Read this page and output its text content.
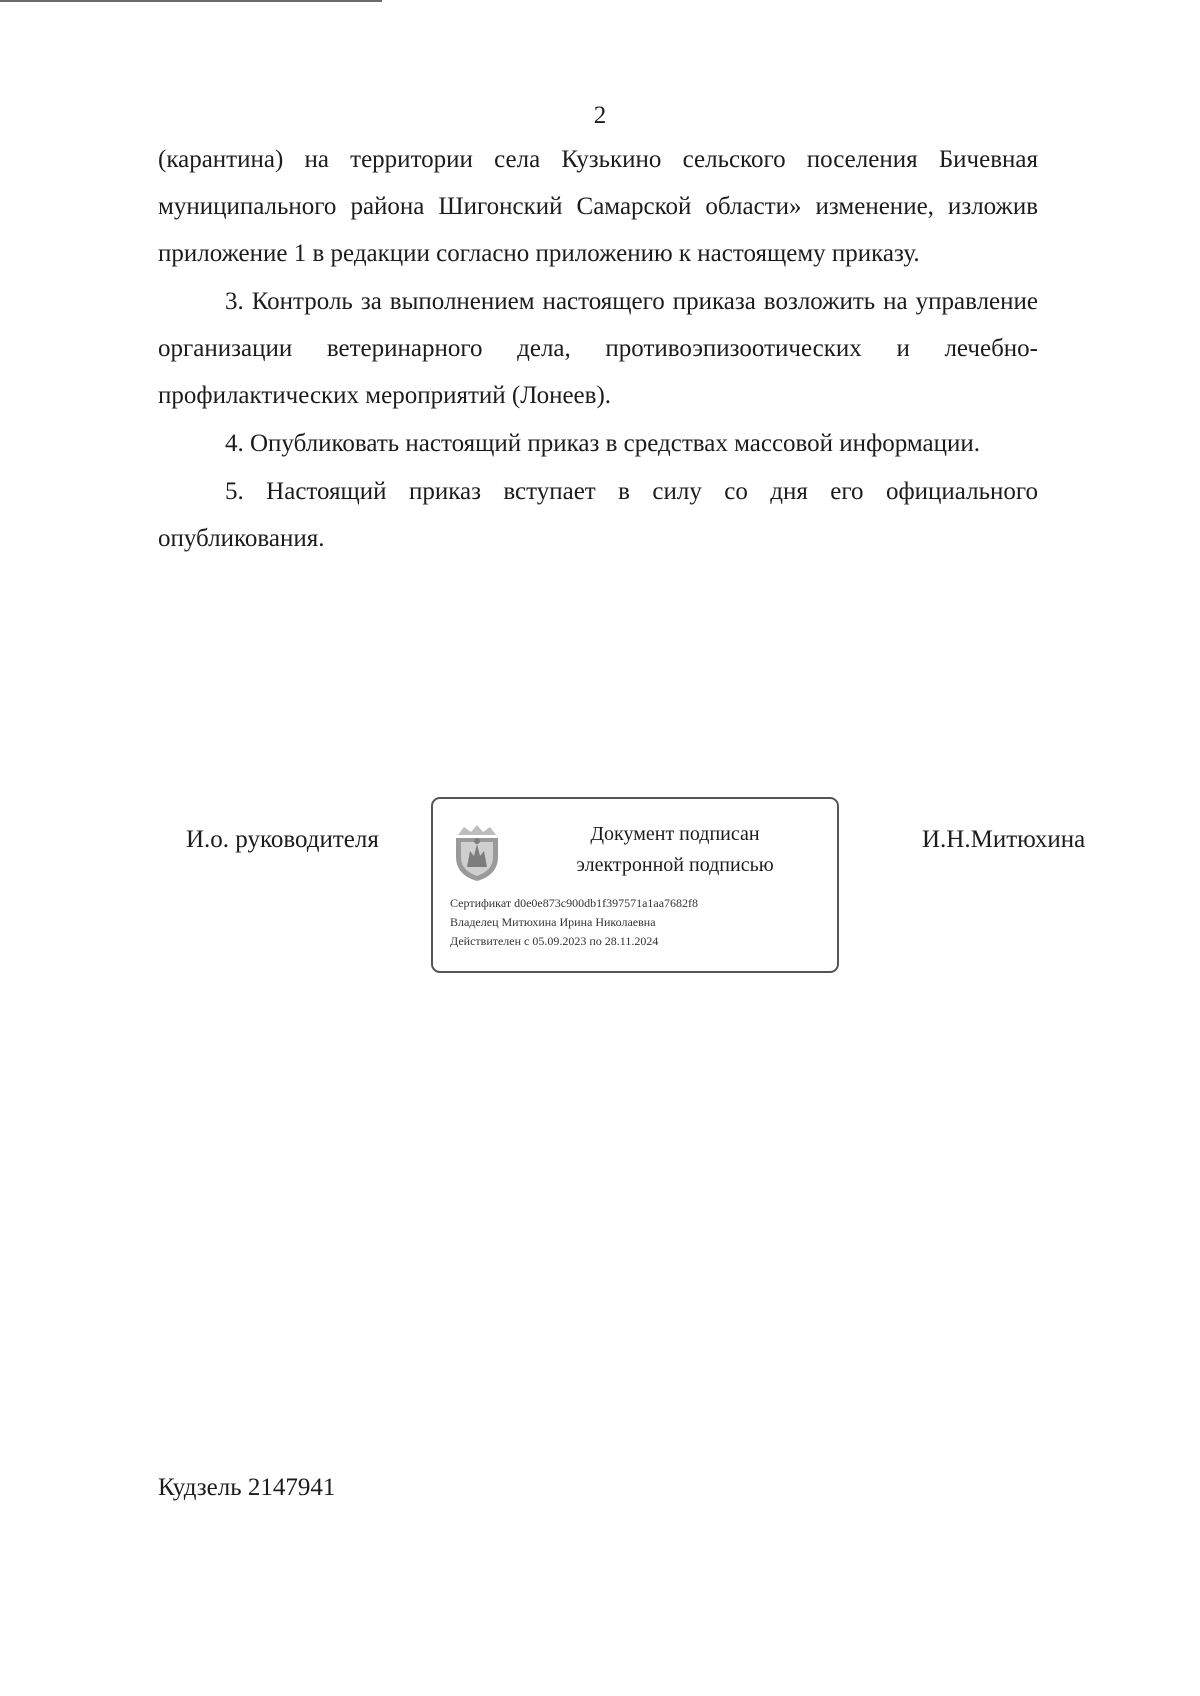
2

(карантина) на территории села Кузькино сельского поселения Бичевная муниципального района Шигонский Самарской области» изменение, изложив приложение 1 в редакции согласно приложению к настоящему приказу.

3. Контроль за выполнением настоящего приказа возложить на управление организации ветеринарного дела, противоэпизоотических и лечебно-профилактических мероприятий (Лонеев).

4. Опубликовать настоящий приказ в средствах массовой информации.

5. Настоящий приказ вступает в силу со дня его официального опубликования.

И.о. руководителя	Документ подписан
электронной подписью
Сертификат d0e0e873c900db1f397571a1aa7682f8
Владелец Митюхина Ирина Николаевна
Действителен с 05.09.2023 по 28.11.2024
И.Н.Митюхина
Кудзель 2147941
